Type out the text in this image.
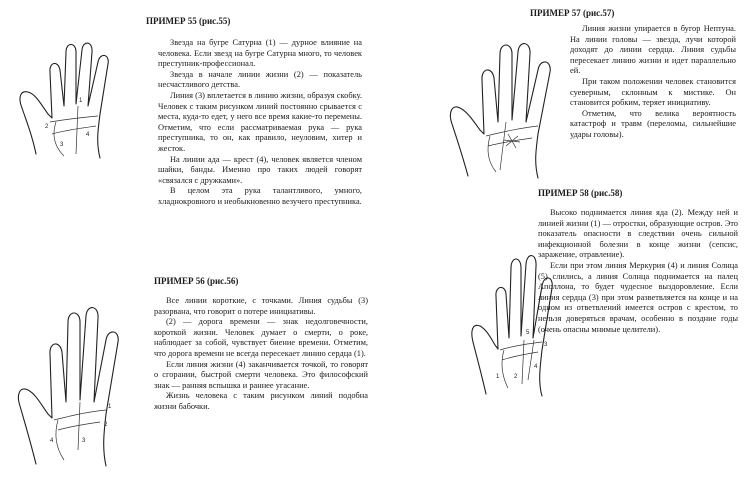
1
2
3
4
1
2
3
4
1 2
3
4
5
ПРИМЕР 55 (рис.55)

Звезда на бугре Сатурна (1) — дурное влияние на человека. Если звезд на бугре Сатурна много, то человек преступник-профессионал.

Звезда в начале линии жизни (2) — показатель несчастливого детства.

Линия (3) вплетается в линию жизни, образуя скобку. Человек с таким рисунком линий постоянно срывается с места, куда-то едет, у него все время какие-то перемены. Отметим, что если рассматриваемая рука — рука преступника, то он, как правило, неуловим, хитер и жесток.

На линии ада — крест (4), человек является членом шайки, банды. Именно про таких людей говорят «связался с дружками».

В целом эта рука талантливого, умного, хладнокровного и необыкновенно везучего преступника.

ПРИМЕР 56 (рис.56)

Все линии короткие, с точками. Линия судьбы (3) разорвана, что говорит о потере инициативы.

(2) — дорога времени — знак недолговечности, короткой жизни. Человек думает о смерти, о роке, наблюдает за собой, чувствует биение времени. Отметим, что дорога времени не всегда пересекает линию сердца (1).

Если линия жизни (4) заканчивается точкой, то говорят о сгорании, быстрой смерти человека. Это философский знак — ранняя вспышка и раннее угасание.

Жизнь человека с таким рисунком линий подобна жизни бабочки.

ПРИМЕР 57 (рис.57)

Линия жизни упирается в бугор Нептуна. На линии головы — звезда, лучи которой доходят до линии сердца. Линия судьбы пересекает линию жизни и идет параллельно ей.

При таком положении человек становится суеверным, склонным к мистике. Он становится робким, теряет инициативу.

Отметим, что велика вероятность катастроф и травм (переломы, сильнейшие удары головы).

ПРИМЕР 58 (рис.58)

Высоко поднимается линия яда (2). Между ней и линией жизни (1) — отростки, образующие остров. Это показатель опасности в следствии очень сильной инфекционной болезни в конце жизни (сепсис, заражение, отравление).

Если при этом линия Меркурия (4) и линия Солнца (5) слились, а линия Солнца поднимается на палец Аполлона, то будет чудесное выздоровление. Если линия сердца (3) при этом разветвляется на конце и на одном из ответвлений имеется остров с крестом, то нельзя доверяться врачам, особенно в поздние годы (очень опасны мнимые целители).
